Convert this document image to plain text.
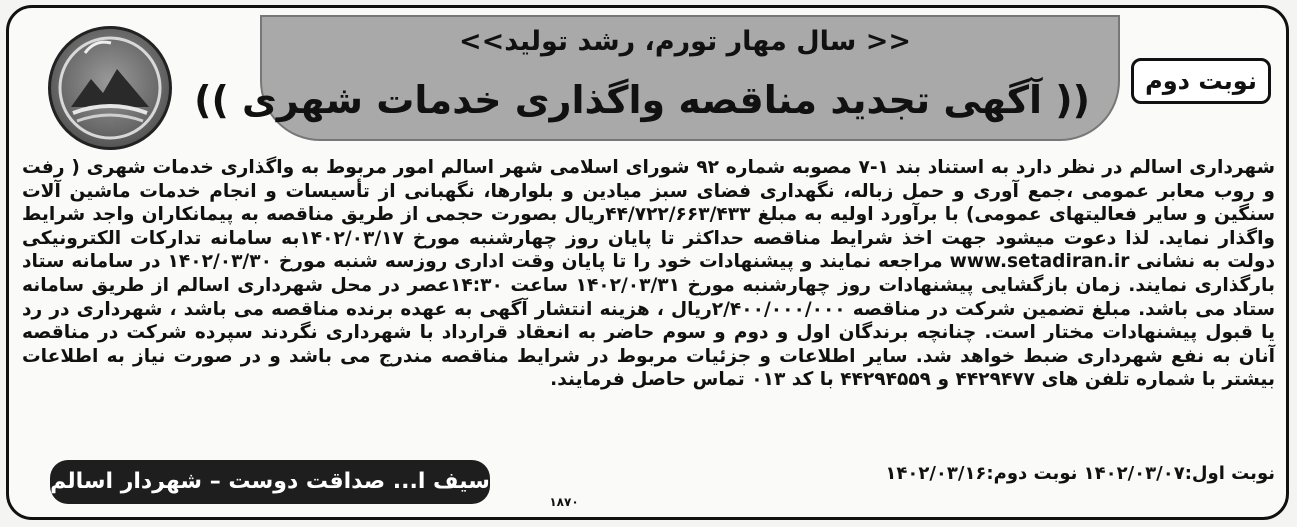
<< سال مهار تورم، رشد تولید>>
(( آگهی تجدید مناقصه واگذاری خدمات شهری ))	نوبت دوم

شهرداری اسالم در نظر دارد به استناد بند ۱-۷ مصوبه شماره ۹۲ شورای اسلامی شهر اسالم امور مربوط به واگذاری خدمات شهری ( رفت و روب معابر عمومی ،جمع آوری و حمل زباله، نگهداری فضای سبز میادین و بلوارها، نگهبانی از تأسیسات و انجام خدمات ماشین آلات سنگین و سایر فعالیتهای عمومی) با برآورد اولیه به مبلغ ۴۴/۷۲۲/۶۶۳/۴۳۳ریال بصورت حجمی از طریق مناقصه به پیمانکاران واجد شرایط واگذار نماید. لذا دعوت میشود جهت اخذ شرایط مناقصه حداکثر تا پایان روز چهارشنبه مورخ ۱۴۰۲/۰۳/۱۷به سامانه تدارکات الکترونیکی دولت به نشانی www.setadiran.ir مراجعه نمایند و پیشنهادات خود را تا پایان وقت اداری روزسه شنبه مورخ ۱۴۰۲/۰۳/۳۰ در سامانه ستاد بارگذاری نمایند. زمان بازگشایی پیشنهادات روز چهارشنبه مورخ ۱۴۰۲/۰۳/۳۱ ساعت ۱۴:۳۰عصر در محل شهرداری اسالم از طریق سامانه ستاد می باشد. مبلغ تضمین شرکت در مناقصه ۲/۴۰۰/۰۰۰/۰۰۰ریال ، هزینه انتشار آگهی به عهده برنده مناقصه می باشد ، شهرداری در رد یا قبول پیشنهادات مختار است. چنانچه برندگان اول و دوم و سوم حاضر به انعقاد قرارداد با شهرداری نگردند سپرده شرکت در مناقصه آنان به نفع شهرداری ضبط خواهد شد. سایر اطلاعات و جزئیات مربوط در شرایط مناقصه مندرج می باشد و در صورت نیاز به اطلاعات بیشتر با شماره تلفن های ۴۴۲۹۴۷۷ و ۴۴۲۹۴۵۵۹ با کد ۰۱۳ تماس حاصل فرمایند.

نوبت اول:۱۴۰۲/۰۳/۰۷ نوبت دوم:۱۴۰۲/۰۳/۱۶
سیف ا... صداقت دوست – شهردار اسالم
۱۸۷۰
